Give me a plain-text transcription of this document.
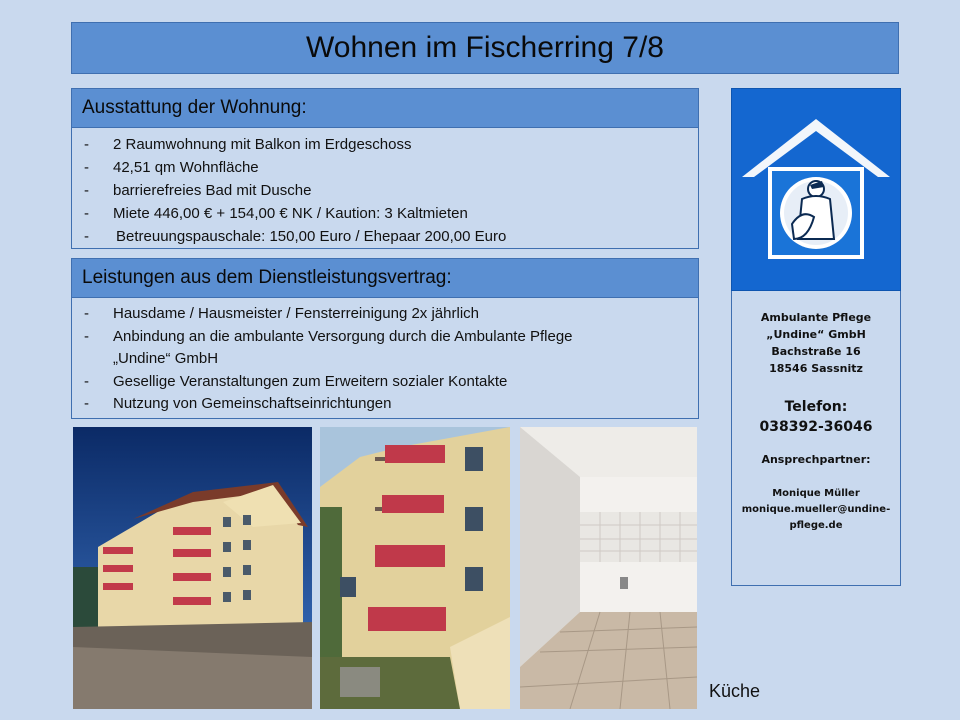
Wohnen im Fischerring 7/8
Ausstattung der Wohnung:
- 2 Raumwohnung mit Balkon im Erdgeschoss
- 42,51 qm Wohnfläche
- barrierefreies Bad mit Dusche
- Miete 446,00 € + 154,00 € NK / Kaution: 3 Kaltmieten
- Betreuungspauschale: 150,00 Euro / Ehepaar 200,00 Euro
Leistungen aus dem Dienstleistungsvertrag:
- Hausdame / Hausmeister / Fensterreinigung 2x jährlich
- Anbindung an die ambulante Versorgung durch die Ambulante Pflege
„Undine“ GmbH
- Gesellige Veranstaltungen zum Erweitern sozialer Kontakte
- Nutzung von Gemeinschaftseinrichtungen
Küche
Ambulante Pflege
„Undine“ GmbH
Bachstraße 16
18546 Sassnitz
Telefon:
038392-36046
Ansprechpartner:
Monique Müller
monique.mueller@undine-
pflege.de
